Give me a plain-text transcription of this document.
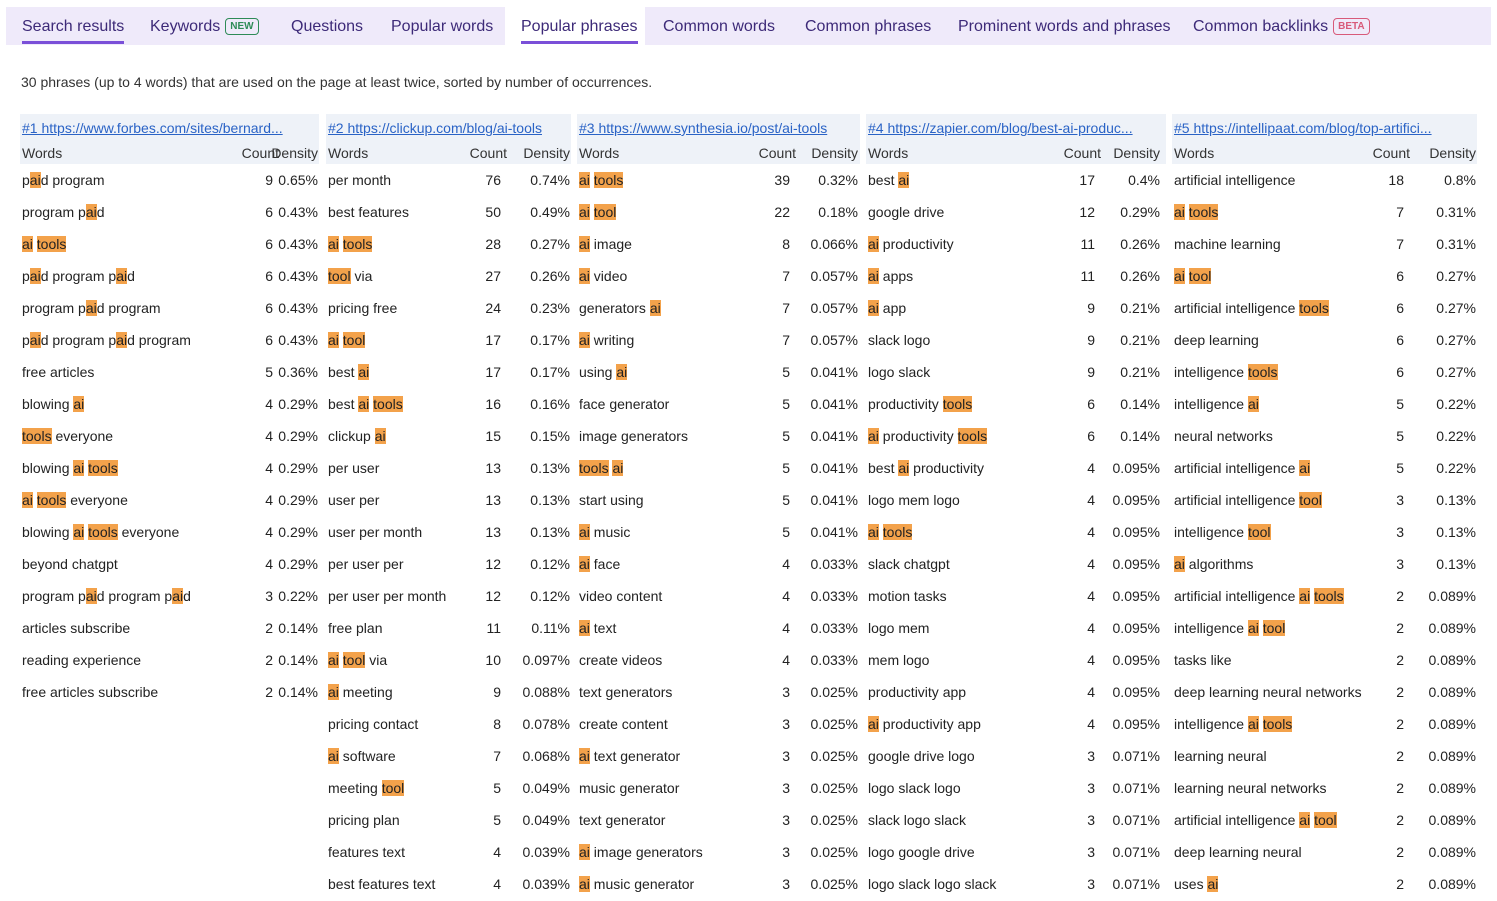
Search results Keywords NEW	Questions Popular words Popular phrases Common words Common phrases Prominent words and phrases Common backlinks BETA
30 phrases (up to 4 words) that are used on the page at least twice, sorted by number of occurrences.
#1 https://www.forbes.com/sites/bernard...
Words	Count
Density
paid program	9 0.65%
program paid	6 0.43%
ai tools	6 0.43%
paid program paid	6 0.43%
program paid program	6 0.43%
paid program paid program	6 0.43%
free articles	5 0.36%
blowing ai	4 0.29%
tools everyone	4 0.29%
blowing ai tools	4 0.29%
ai tools everyone	4 0.29%
blowing ai tools everyone	4 0.29%
beyond chatgpt	4 0.29%
program paid program paid	3 0.22%
articles subscribe	2 0.14%
reading experience	2 0.14%
free articles subscribe	2 0.14%
#2 https://clickup.com/blog/ai-tools
Words	Count Density
per month	76 0.74%
best features	50 0.49%
ai tools	28 0.27%
tool via	27 0.26%
pricing free	24 0.23%
ai tool	17 0.17%
best ai	17 0.17%
best ai tools	16 0.16%
clickup ai	15 0.15%
per user	13 0.13%
user per	13 0.13%
user per month	13 0.13%
per user per	12 0.12%
per user per month	12 0.12%
free plan	11 0.11%
ai tool via	10 0.097%
ai meeting	9 0.088%
pricing contact	8 0.078%
ai software	7 0.068%
meeting tool	5 0.049%
pricing plan	5 0.049%
features text	4 0.039%
best features text	4 0.039%
#3 https://www.synthesia.io/post/ai-tools
Words	Count Density
ai tools	39 0.32%
ai tool	22 0.18%
ai image	8 0.066%
ai video	7 0.057%
generators ai	7 0.057%
ai writing	7 0.057%
using ai	5 0.041%
face generator	5 0.041%
image generators	5 0.041%
tools ai	5 0.041%
start using	5 0.041%
ai music	5 0.041%
ai face	4 0.033%
video content	4 0.033%
ai text	4 0.033%
create videos	4 0.033%
text generators	3 0.025%
create content	3 0.025%
ai text generator	3 0.025%
music generator	3 0.025%
text generator	3 0.025%
ai image generators	3 0.025%
ai music generator	3 0.025%
#4 https://zapier.com/blog/best-ai-produc...
Words	Count Density
best ai	17 0.4%
google drive	12 0.29%
ai productivity	11 0.26%
ai apps	11 0.26%
ai app	9 0.21%
slack logo	9 0.21%
logo slack	9 0.21%
productivity tools	6 0.14%
ai productivity tools	6 0.14%
best ai productivity	4 0.095%
logo mem logo	4 0.095%
ai tools	4 0.095%
slack chatgpt	4 0.095%
motion tasks	4 0.095%
logo mem	4 0.095%
mem logo	4 0.095%
productivity app	4 0.095%
ai productivity app	4 0.095%
google drive logo	3 0.071%
logo slack logo	3 0.071%
slack logo slack	3 0.071%
logo google drive	3 0.071%
logo slack logo slack	3 0.071%
#5 https://intellipaat.com/blog/top-artifici...
Words	Count Density
artificial intelligence	18	0.8%
ai tools	7 0.31%
machine learning	7 0.31%
ai tool	6 0.27%
artificial intelligence tools	6 0.27%
deep learning	6 0.27%
intelligence tools	6 0.27%
intelligence ai	5 0.22%
neural networks	5 0.22%
artificial intelligence ai	5 0.22%
artificial intelligence tool	3 0.13%
intelligence tool	3 0.13%
ai algorithms	3 0.13%
artificial intelligence ai tools	2 0.089%
intelligence ai tool	2 0.089%
tasks like	2 0.089%
deep learning neural networks 2 0.089%
intelligence ai tools	2 0.089%
learning neural	2 0.089%
learning neural networks	2 0.089%
artificial intelligence ai tool	2 0.089%
deep learning neural	2 0.089%
uses ai	2 0.089%
